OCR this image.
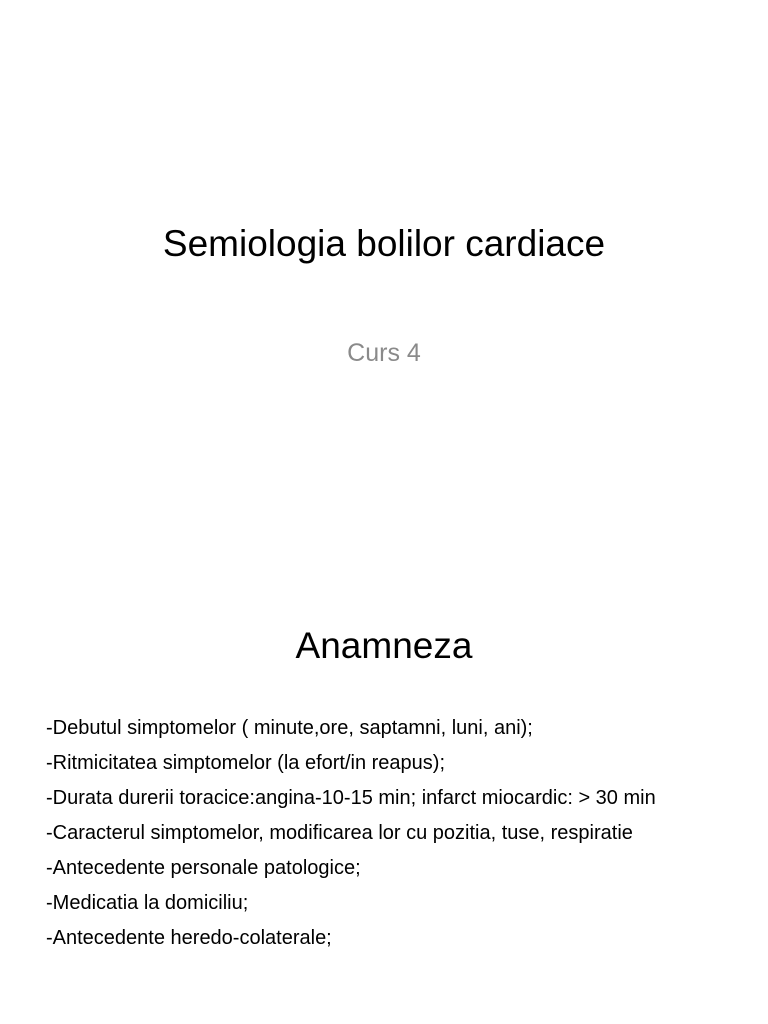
Semiologia bolilor cardiace
Curs 4
Anamneza
-Debutul simptomelor ( minute,ore, saptamni, luni, ani);
-Ritmicitatea simptomelor (la efort/in reapus);
-Durata durerii toracice:angina-10-15 min; infarct miocardic: > 30 min
-Caracterul simptomelor, modificarea lor cu pozitia, tuse, respiratie
-Antecedente personale patologice;
-Medicatia la domiciliu;
-Antecedente heredo-colaterale;
